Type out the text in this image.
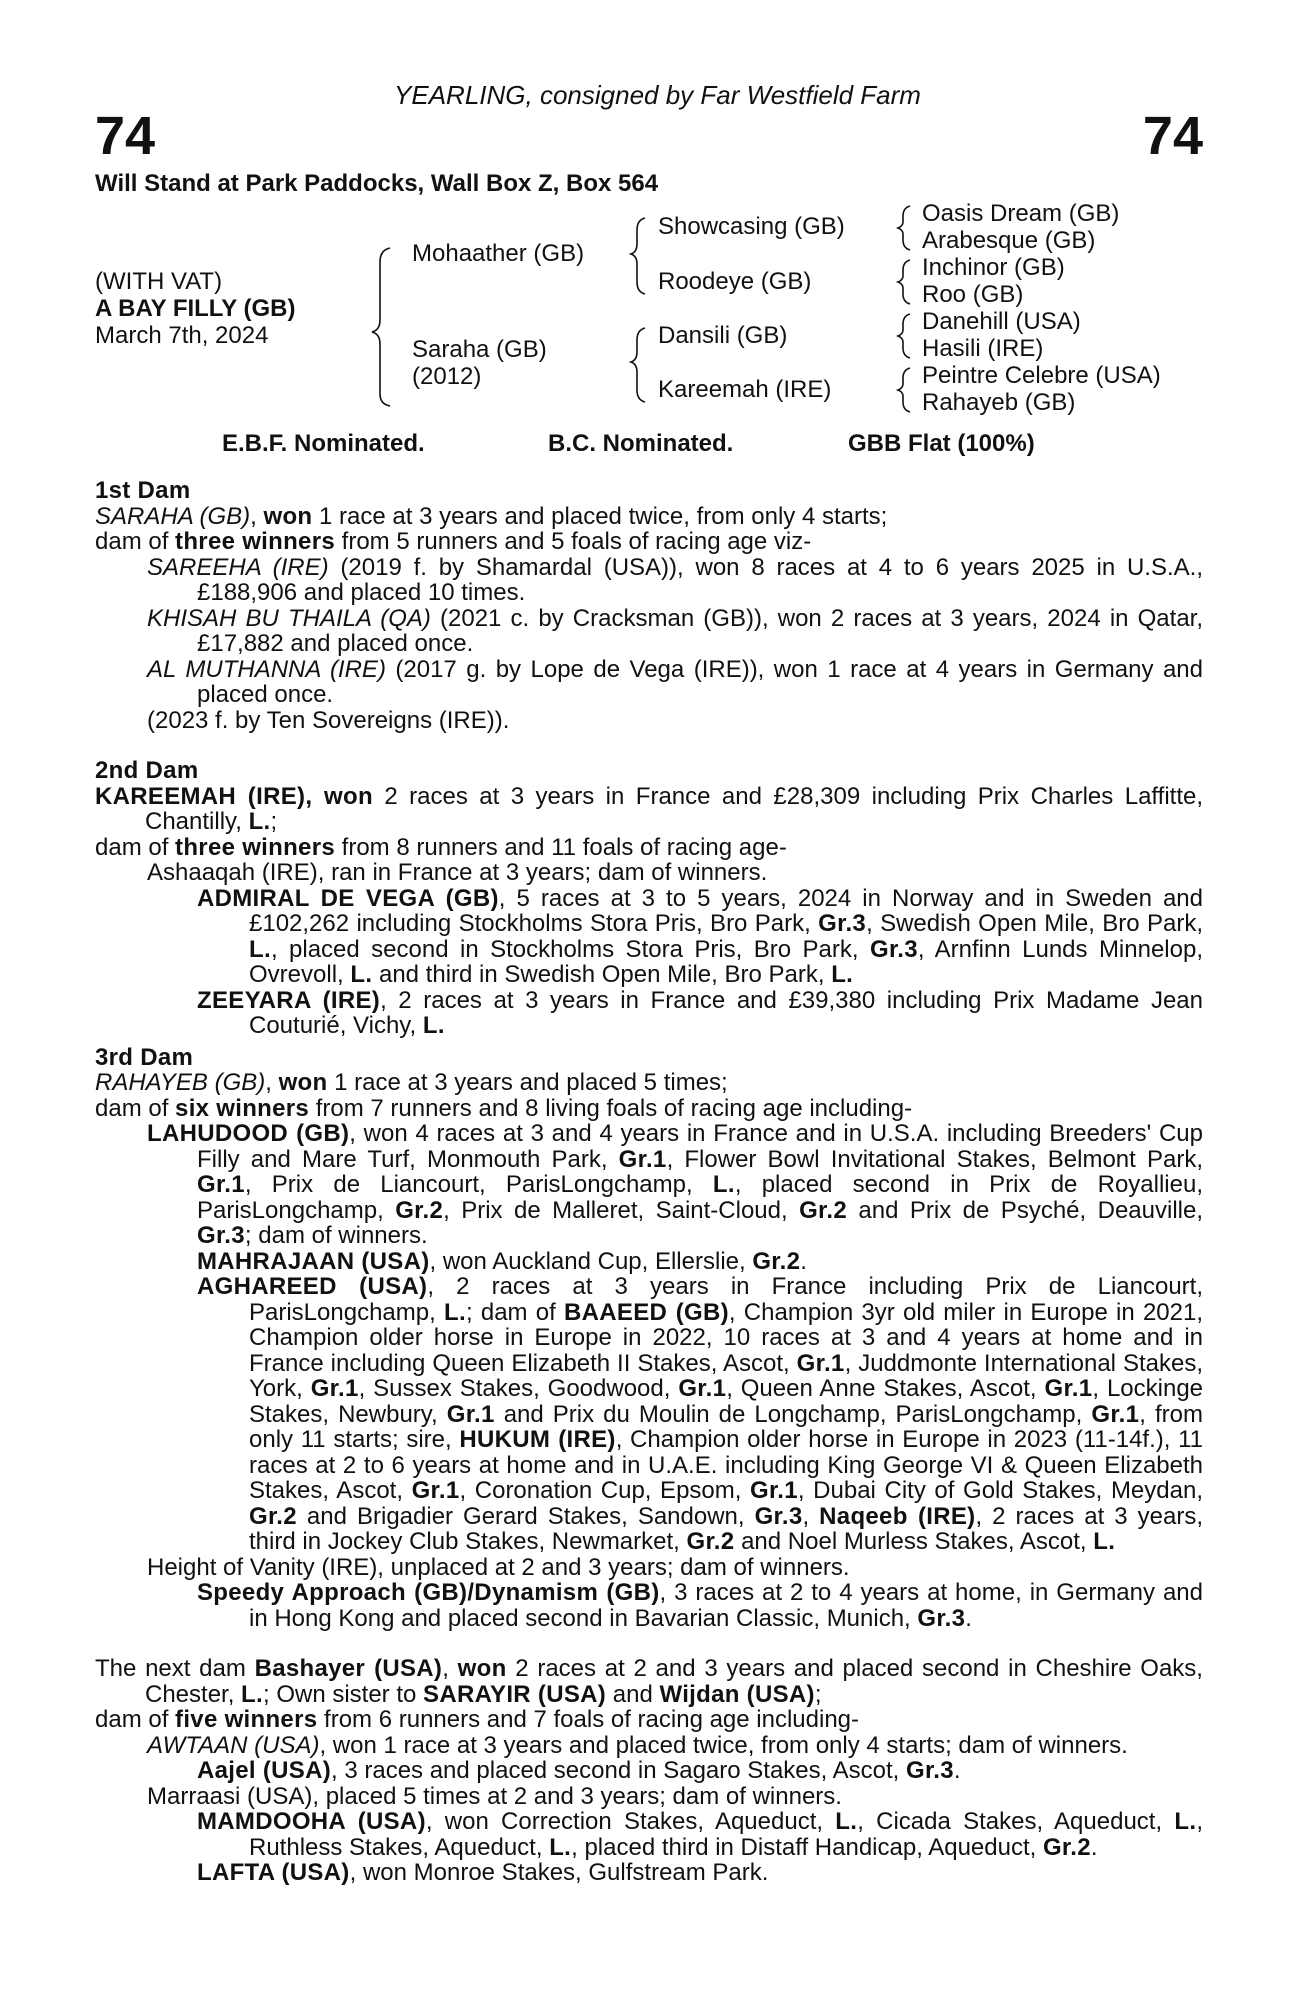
YEARLING, consigned by Far Westfield Farm
74	74
Will Stand at Park Paddocks, Wall Box Z, Box 564
(WITH VAT)
A BAY FILLY (GB)
March 7th, 2024
Mohaather (GB)
Saraha (GB)
(2012)
Showcasing (GB)
Roodeye (GB)
Dansili (GB)
Kareemah (IRE)
Oasis Dream (GB)
Arabesque (GB)
Inchinor (GB)
Roo (GB)
Danehill (USA)
Hasili (IRE)
Peintre Celebre (USA)
Rahayeb (GB)
E.B.F. Nominated.	B.C. Nominated.	GBB Flat (100%)

1st Dam

SARAHA (GB), won 1 race at 3 years and placed twice, from only 4 starts;

dam of three winners from 5 runners and 5 foals of racing age viz-

SAREEHA (IRE) (2019 f. by Shamardal (USA)), won 8 races at 4 to 6 years 2025 in U.S.A., £188,906 and placed 10 times.

KHISAH BU THAILA (QA) (2021 c. by Cracksman (GB)), won 2 races at 3 years, 2024 in Qatar, £17,882 and placed once.

AL MUTHANNA (IRE) (2017 g. by Lope de Vega (IRE)), won 1 race at 4 years in Germany and placed once.

(2023 f. by Ten Sovereigns (IRE)).

2nd Dam

KAREEMAH (IRE), won 2 races at 3 years in France and £28,309 including Prix Charles Laffitte, Chantilly, L.;

dam of three winners from 8 runners and 11 foals of racing age-

Ashaaqah (IRE), ran in France at 3 years; dam of winners.

ADMIRAL DE VEGA (GB), 5 races at 3 to 5 years, 2024 in Norway and in Sweden and £102,262 including Stockholms Stora Pris, Bro Park, Gr.3, Swedish Open Mile, Bro Park, L., placed second in Stockholms Stora Pris, Bro Park, Gr.3, Arnfinn Lunds Minnelop, Ovrevoll, L. and third in Swedish Open Mile, Bro Park, L.

ZEEYARA (IRE), 2 races at 3 years in France and £39,380 including Prix Madame Jean Couturié, Vichy, L.

3rd Dam

RAHAYEB (GB), won 1 race at 3 years and placed 5 times;

dam of six winners from 7 runners and 8 living foals of racing age including-

LAHUDOOD (GB), won 4 races at 3 and 4 years in France and in U.S.A. including Breeders' Cup Filly and Mare Turf, Monmouth Park, Gr.1, Flower Bowl Invitational Stakes, Belmont Park, Gr.1, Prix de Liancourt, ParisLongchamp, L., placed second in Prix de Royallieu, ParisLongchamp, Gr.2, Prix de Malleret, Saint-Cloud, Gr.2 and Prix de Psyché, Deauville, Gr.3; dam of winners.

MAHRAJAAN (USA), won Auckland Cup, Ellerslie, Gr.2.

AGHAREED (USA), 2 races at 3 years in France including Prix de Liancourt, ParisLongchamp, L.; dam of BAAEED (GB), Champion 3yr old miler in Europe in 2021, Champion older horse in Europe in 2022, 10 races at 3 and 4 years at home and in France including Queen Elizabeth II Stakes, Ascot, Gr.1, Juddmonte International Stakes, York, Gr.1, Sussex Stakes, Goodwood, Gr.1, Queen Anne Stakes, Ascot, Gr.1, Lockinge Stakes, Newbury, Gr.1 and Prix du Moulin de Longchamp, ParisLongchamp, Gr.1, from only 11 starts; sire, HUKUM (IRE), Champion older horse in Europe in 2023 (11-14f.), 11 races at 2 to 6 years at home and in U.A.E. including King George VI & Queen Elizabeth Stakes, Ascot, Gr.1, Coronation Cup, Epsom, Gr.1, Dubai City of Gold Stakes, Meydan, Gr.2 and Brigadier Gerard Stakes, Sandown, Gr.3, Naqeeb (IRE), 2 races at 3 years, third in Jockey Club Stakes, Newmarket, Gr.2 and Noel Murless Stakes, Ascot, L.

Height of Vanity (IRE), unplaced at 2 and 3 years; dam of winners.

Speedy Approach (GB)/Dynamism (GB), 3 races at 2 to 4 years at home, in Germany and in Hong Kong and placed second in Bavarian Classic, Munich, Gr.3.

The next dam Bashayer (USA), won 2 races at 2 and 3 years and placed second in Cheshire Oaks, Chester, L.; Own sister to SARAYIR (USA) and Wijdan (USA);

dam of five winners from 6 runners and 7 foals of racing age including-

AWTAAN (USA), won 1 race at 3 years and placed twice, from only 4 starts; dam of winners.

Aajel (USA), 3 races and placed second in Sagaro Stakes, Ascot, Gr.3.

Marraasi (USA), placed 5 times at 2 and 3 years; dam of winners.

MAMDOOHA (USA), won Correction Stakes, Aqueduct, L., Cicada Stakes, Aqueduct, L., Ruthless Stakes, Aqueduct, L., placed third in Distaff Handicap, Aqueduct, Gr.2.

LAFTA (USA), won Monroe Stakes, Gulfstream Park.
